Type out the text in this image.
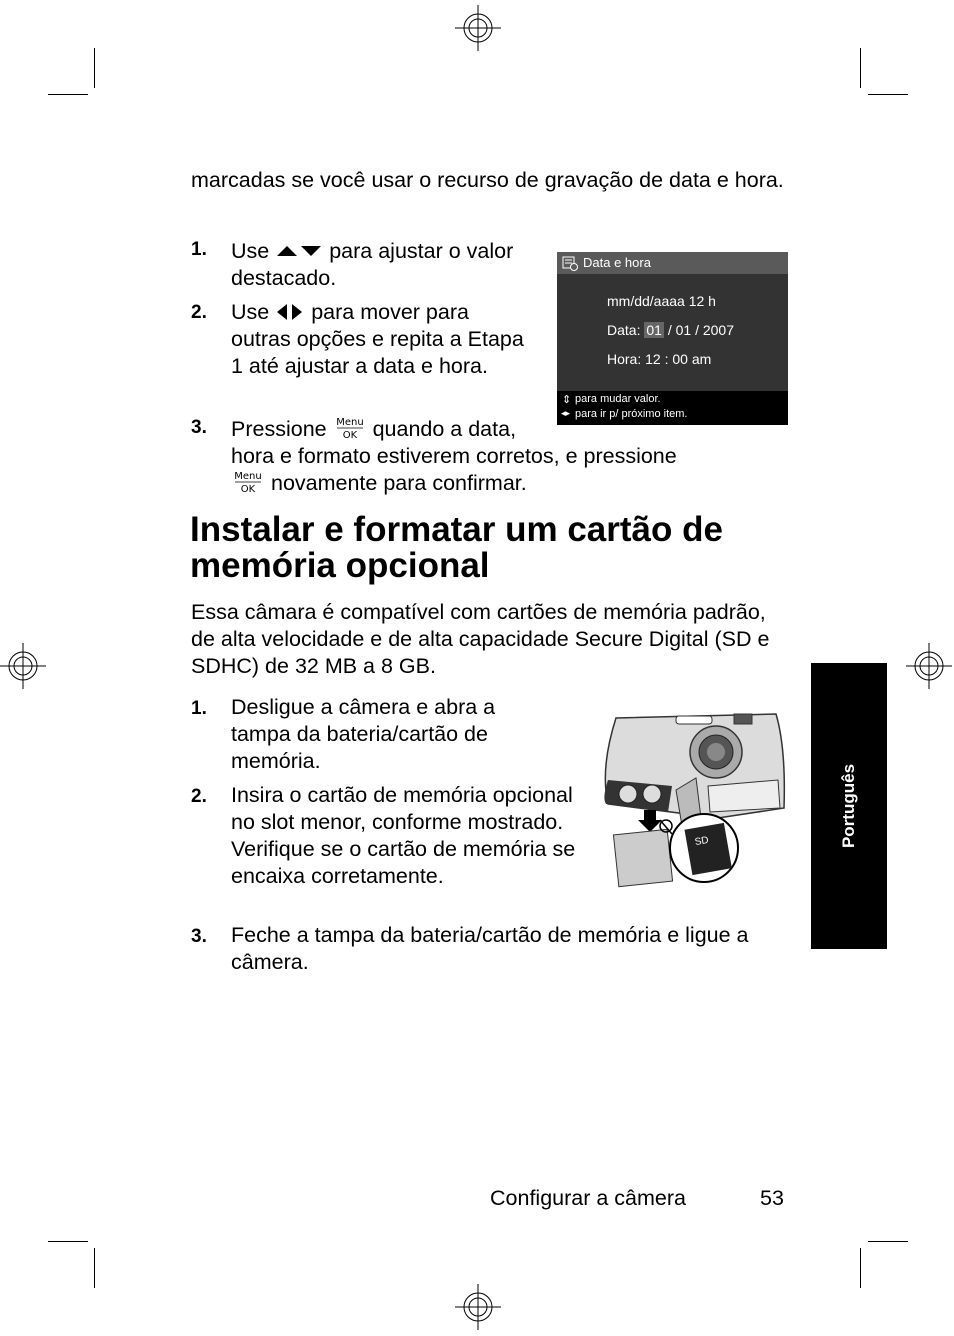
marcadas se você usar o recurso de gravação de data e hora.
1. Use	para ajustar o valor
destacado.
2. Use para mover para outras opções e repita a Etapa 1 até ajustar a data e hora.
3. Pressione Menu
OK quando a data,
hora e formato estiverem corretos, e pressione

Menu
OK novamente para confirmar.
Data e hora
mm/dd/aaaa 12 h
Data: 01 / 01 / 2007
Hora: 12 : 00 am
⇕ para mudar valor.
◂▸ para ir p/ próximo item.
Instalar e formatar um cartão de memória opcional
Essa câmara é compatível com cartões de memória padrão, de alta velocidade e de alta capacidade Secure Digital (SD e SDHC) de 32 MB a 8 GB.
1. Desligue a câmera e abra a tampa da bateria/cartão de memória.
2. Insira o cartão de memória opcional no slot menor, conforme mostrado. Verifique se o cartão de memória se encaixa corretamente.
3. Feche a tampa da bateria/cartão de memória e ligue a câmera.
SD	Português
Configurar a câmera	53
